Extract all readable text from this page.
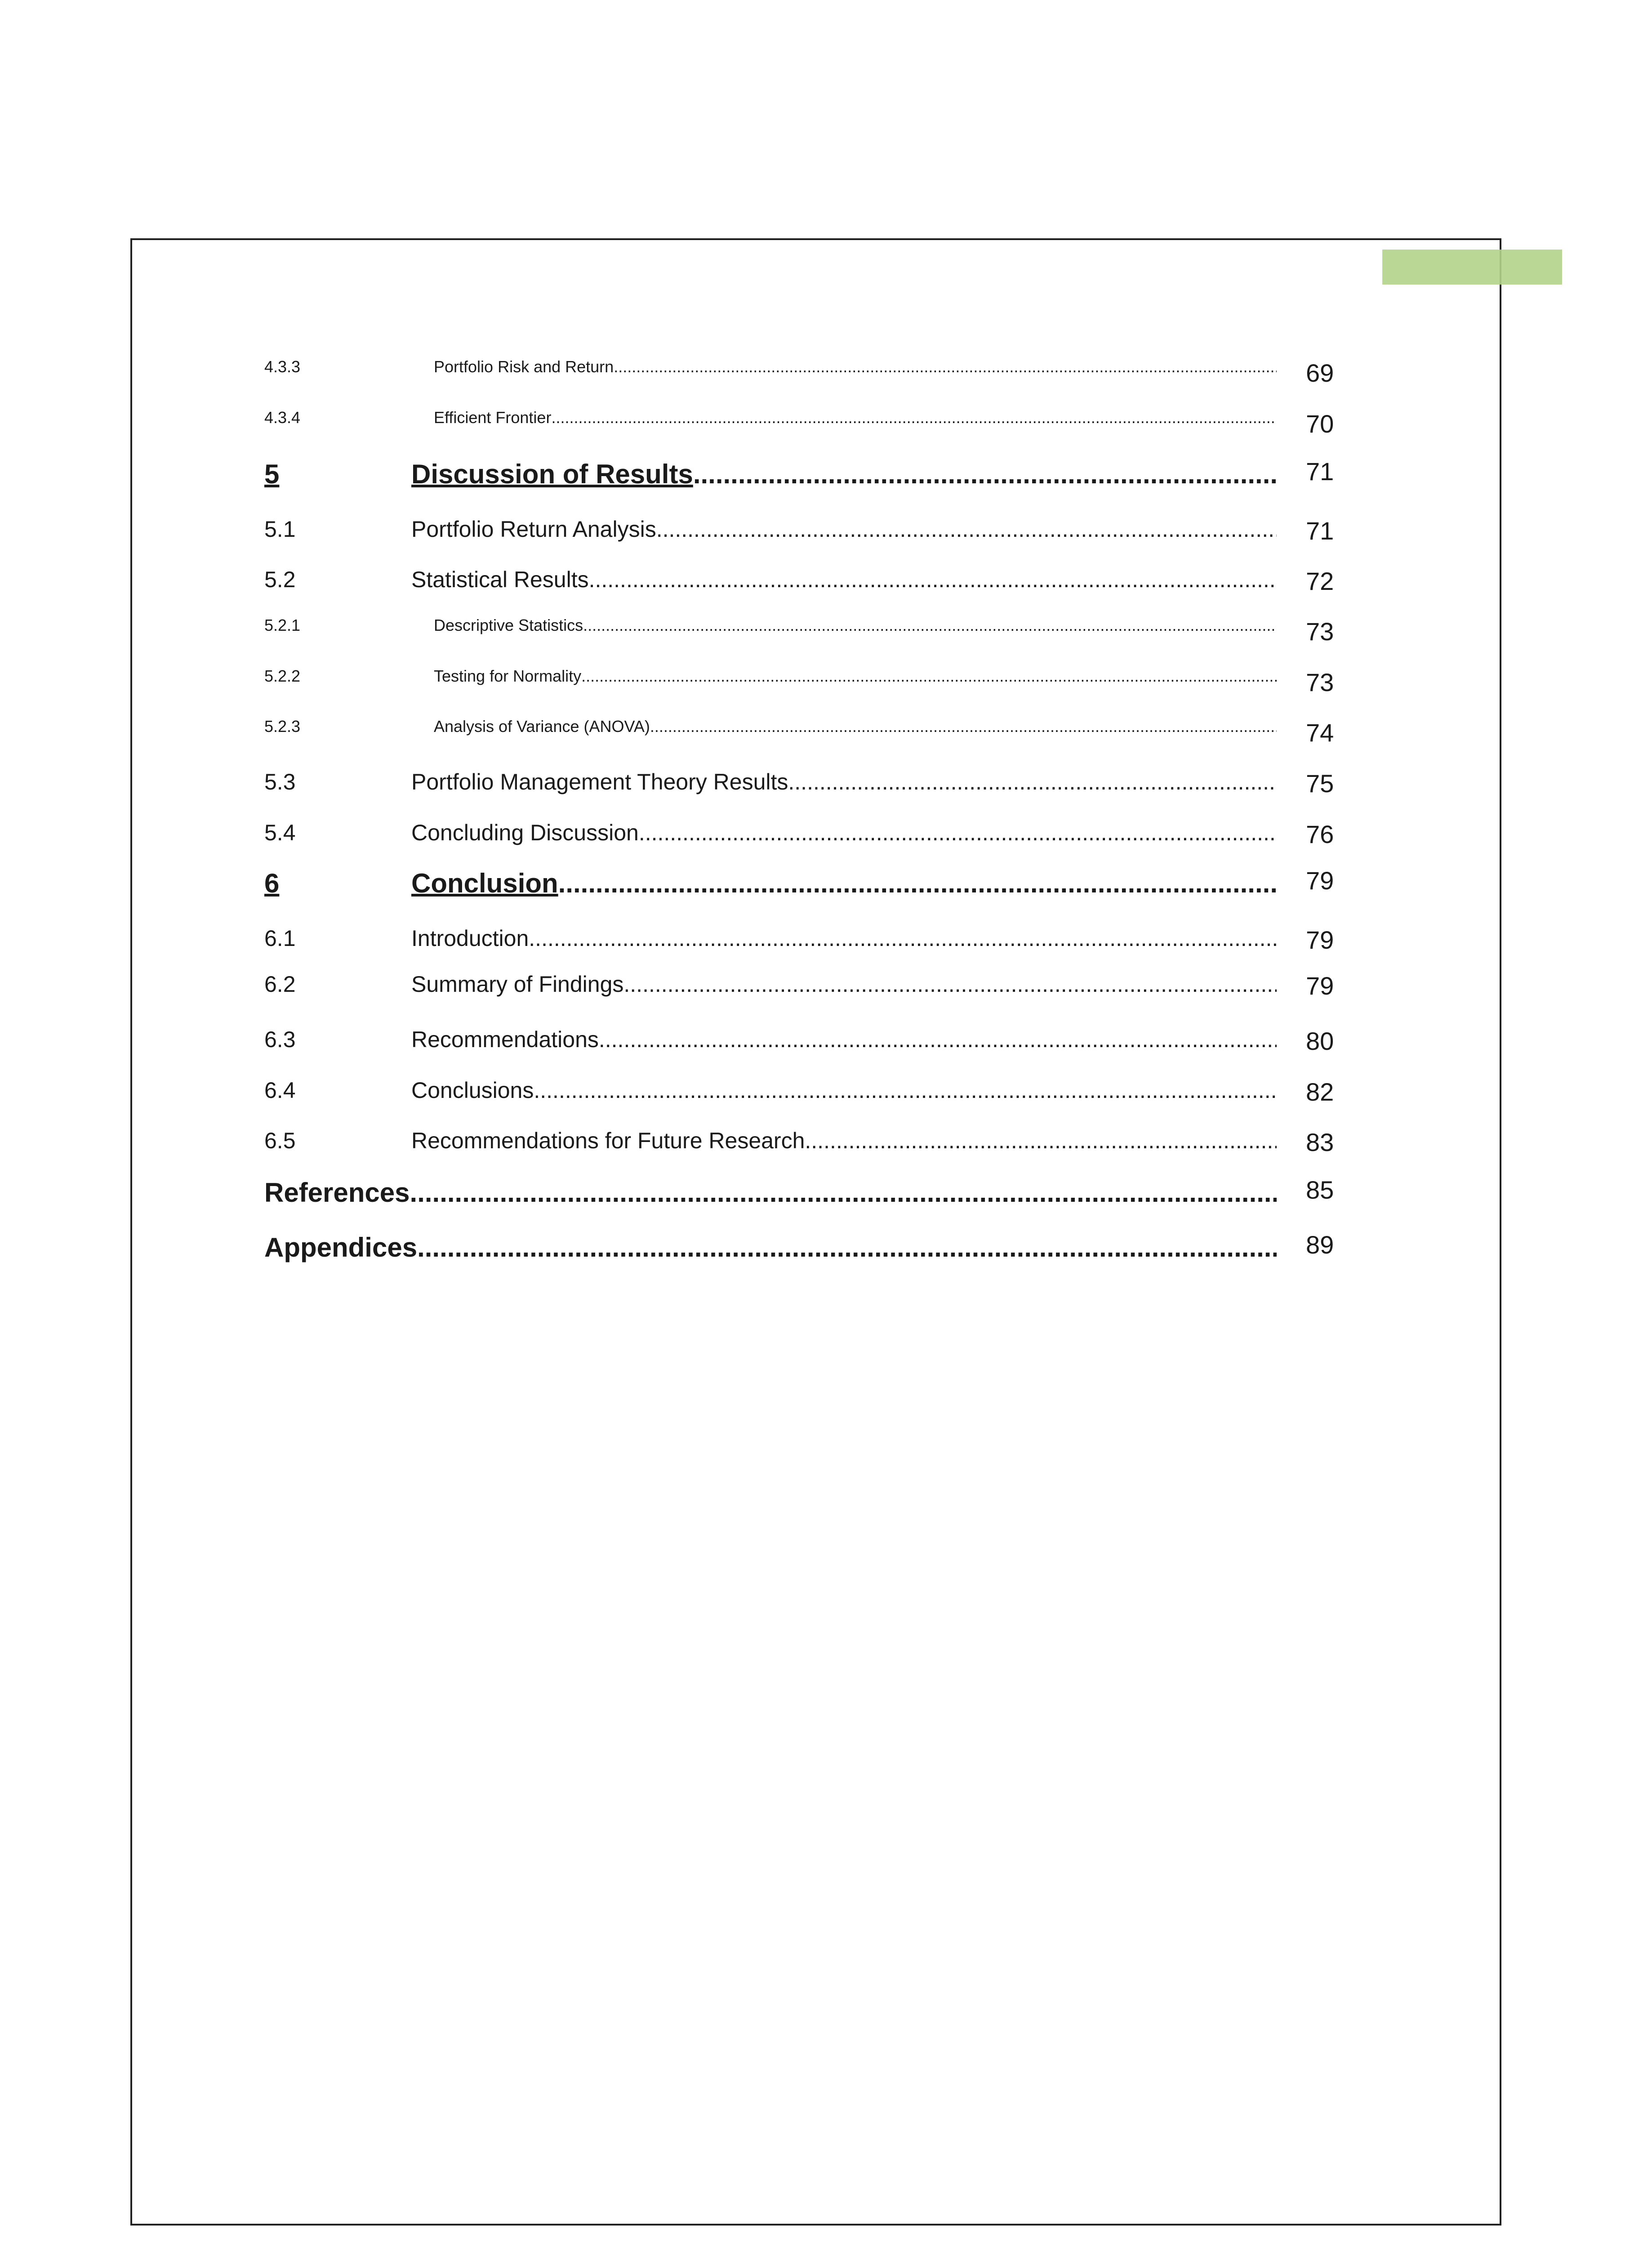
4.3.3	Portfolio Risk and Return .....	69
4.3.4	Efficient Frontier .....	70
5	Discussion of Results .....	71
5.1	Portfolio Return Analysis .....	71
5.2	Statistical Results .....	72
5.2.1	Descriptive Statistics .....	73
5.2.2	Testing for Normality .....	73
5.2.3	Analysis of Variance (ANOVA) .....	74
5.3	Portfolio Management Theory Results .....	75
5.4	Concluding Discussion .....	76
6	Conclusion .....	79
6.1	Introduction .....	79
6.2	Summary of Findings .....	79
6.3	Recommendations .....	80
6.4	Conclusions .....	82
6.5	Recommendations for Future Research .....	83
References .....	85
Appendices .....	89
